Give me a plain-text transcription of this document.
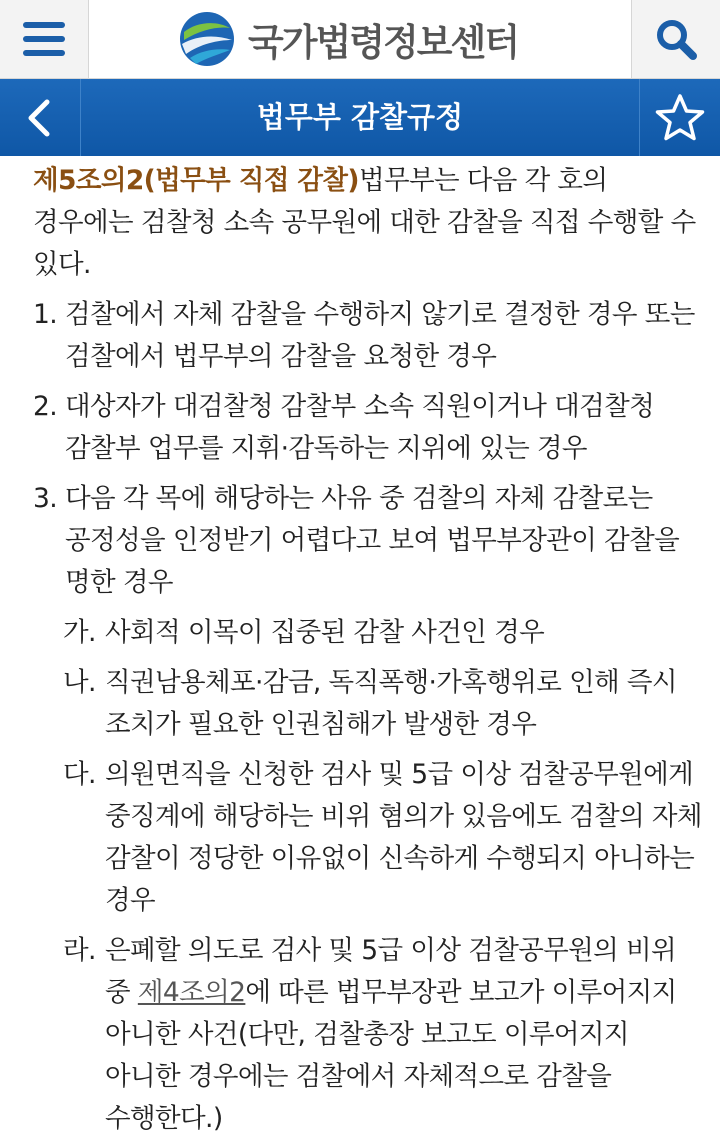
국가법령정보센터
법무부 감찰규정
제5조의2(법무부 직접 감찰)법무부는 다음 각 호의 경우에는 검찰청 소속 공무원에 대한 감찰을 직접 수행할 수 있다.
1. 검찰에서 자체 감찰을 수행하지 않기로 결정한 경우 또는 검찰에서 법무부의 감찰을 요청한 경우
2. 대상자가 대검찰청 감찰부 소속 직원이거나 대검찰청 감찰부 업무를 지휘·감독하는 지위에 있는 경우
3. 다음 각 목에 해당하는 사유 중 검찰의 자체 감찰로는 공정성을 인정받기 어렵다고 보여 법무부장관이 감찰을 명한 경우
가. 사회적 이목이 집중된 감찰 사건인 경우
나. 직권남용체포·감금, 독직폭행·가혹행위로 인해 즉시 조치가 필요한 인권침해가 발생한 경우
다. 의원면직을 신청한 검사 및 5급 이상 검찰공무원에게 중징계에 해당하는 비위 혐의가 있음에도 검찰의 자체 감찰이 정당한 이유없이 신속하게 수행되지 아니하는 경우
라. 은폐할 의도로 검사 및 5급 이상 검찰공무원의 비위 중 제4조의2에 따른 법무부장관 보고가 이루어지지 아니한 사건(다만, 검찰총장 보고도 이루어지지 아니한 경우에는 검찰에서 자체적으로 감찰을 수행한다.)
